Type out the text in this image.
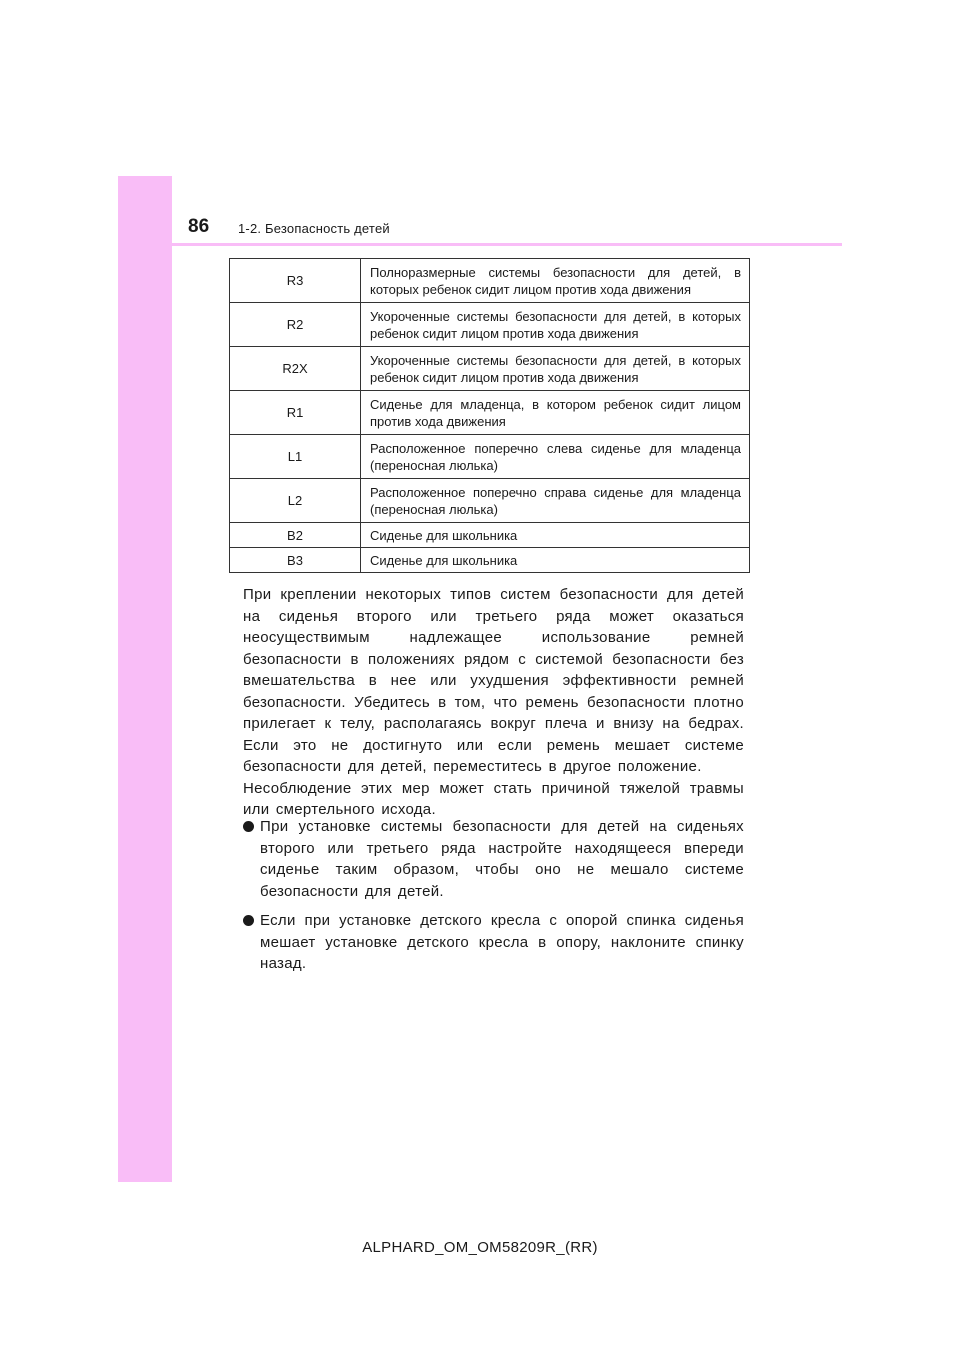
86 1-2. Безопасность детей
R3	Полноразмерные системы безопасности для детей, в которых ребенок сидит лицом против хода движения
R2	Укороченные системы безопасности для детей, в которых ребенок сидит лицом против хода движения
R2X	Укороченные системы безопасности для детей, в которых ребенок сидит лицом против хода движения
R1	Сиденье для младенца, в котором ребенок сидит лицом против хода движения
L1	Расположенное поперечно слева сиденье для младенца (переносная люлька)
L2	Расположенное поперечно справа сиденье для младенца (переносная люлька)
B2	Сиденье для школьника
B3	Сиденье для школьника

При креплении некоторых типов систем безопасности для детей на сиденья второго или третьего ряда может оказаться неосуществимым надлежащее использование ремней безопасности в положениях рядом с системой безопасности без вмешательства в нее или ухудшения эффективности ремней безопасности. Убедитесь в том, что ремень безопасности плотно прилегает к телу, располагаясь вокруг плеча и внизу на бедрах. Если это не достигнуто или если ремень мешает системе безопасности для детей, переместитесь в другое положение.

Несоблюдение этих мер может стать причиной тяжелой травмы или смертельного исхода.

При установке системы безопасности для детей на сиденьях второго или третьего ряда настройте находящееся впереди сиденье таким образом, чтобы оно не мешало системе безопасности для детей.
Если при установке детского кресла с опорой спинка сиденья мешает установке детского кресла в опору, наклоните спинку назад.
ALPHARD_OM_OM58209R_(RR)
